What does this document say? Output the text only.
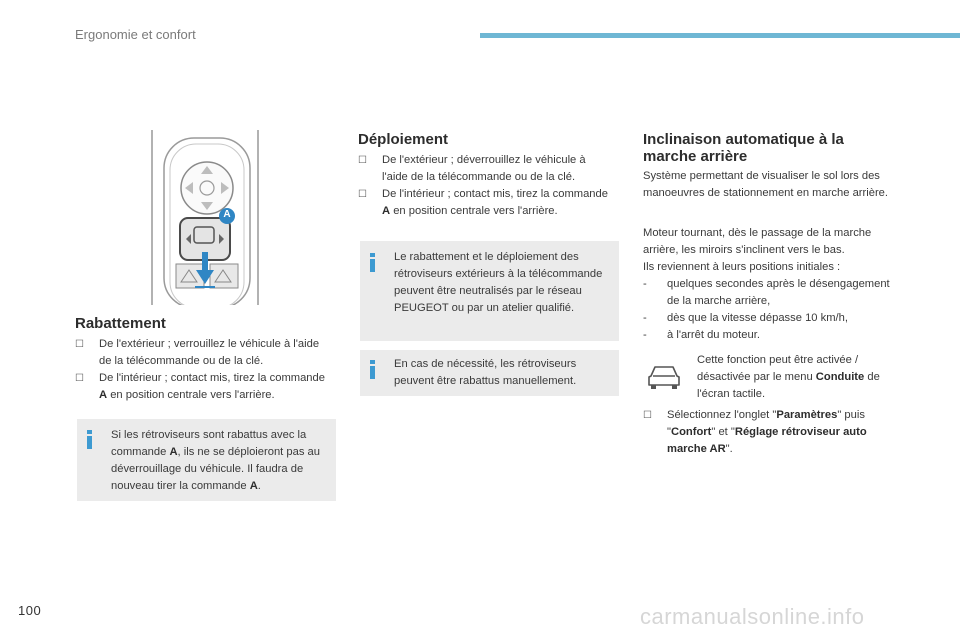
Ergonomie et confort
A
Rabattement
☐ De l'extérieur ; verrouillez le véhicule à l'aide de la télécommande ou de la clé.
☐ De l'intérieur ; contact mis, tirez la commande A en position centrale vers l'arrière.
Si les rétroviseurs sont rabattus avec la commande A, ils ne se déploieront pas au déverrouillage du véhicule. Il faudra de nouveau tirer la commande A.
Déploiement
☐ De l'extérieur ; déverrouillez le véhicule à l'aide de la télécommande ou de la clé.
☐ De l'intérieur ; contact mis, tirez la commande A en position centrale vers l'arrière.
Le rabattement et le déploiement des rétroviseurs extérieurs à la télécommande peuvent être neutralisés par le réseau PEUGEOT ou par un atelier qualifié.
En cas de nécessité, les rétroviseurs peuvent être rabattus manuellement.
Inclinaison automatique à la
marche arrière
Système permettant de visualiser le sol lors des manoeuvres de stationnement en marche arrière.
Moteur tournant, dès le passage de la marche arrière, les miroirs s'inclinent vers le bas.
Ils reviennent à leurs positions initiales :
- quelques secondes après le désengagement de la marche arrière,
- dès que la vitesse dépasse 10 km/h,
- à l'arrêt du moteur.
Cette fonction peut être activée / désactivée par le menu Conduite de l'écran tactile.
☐ Sélectionnez l'onglet "Paramètres" puis "Confort" et "Réglage rétroviseur auto marche AR".
100	carmanualsonline.info
